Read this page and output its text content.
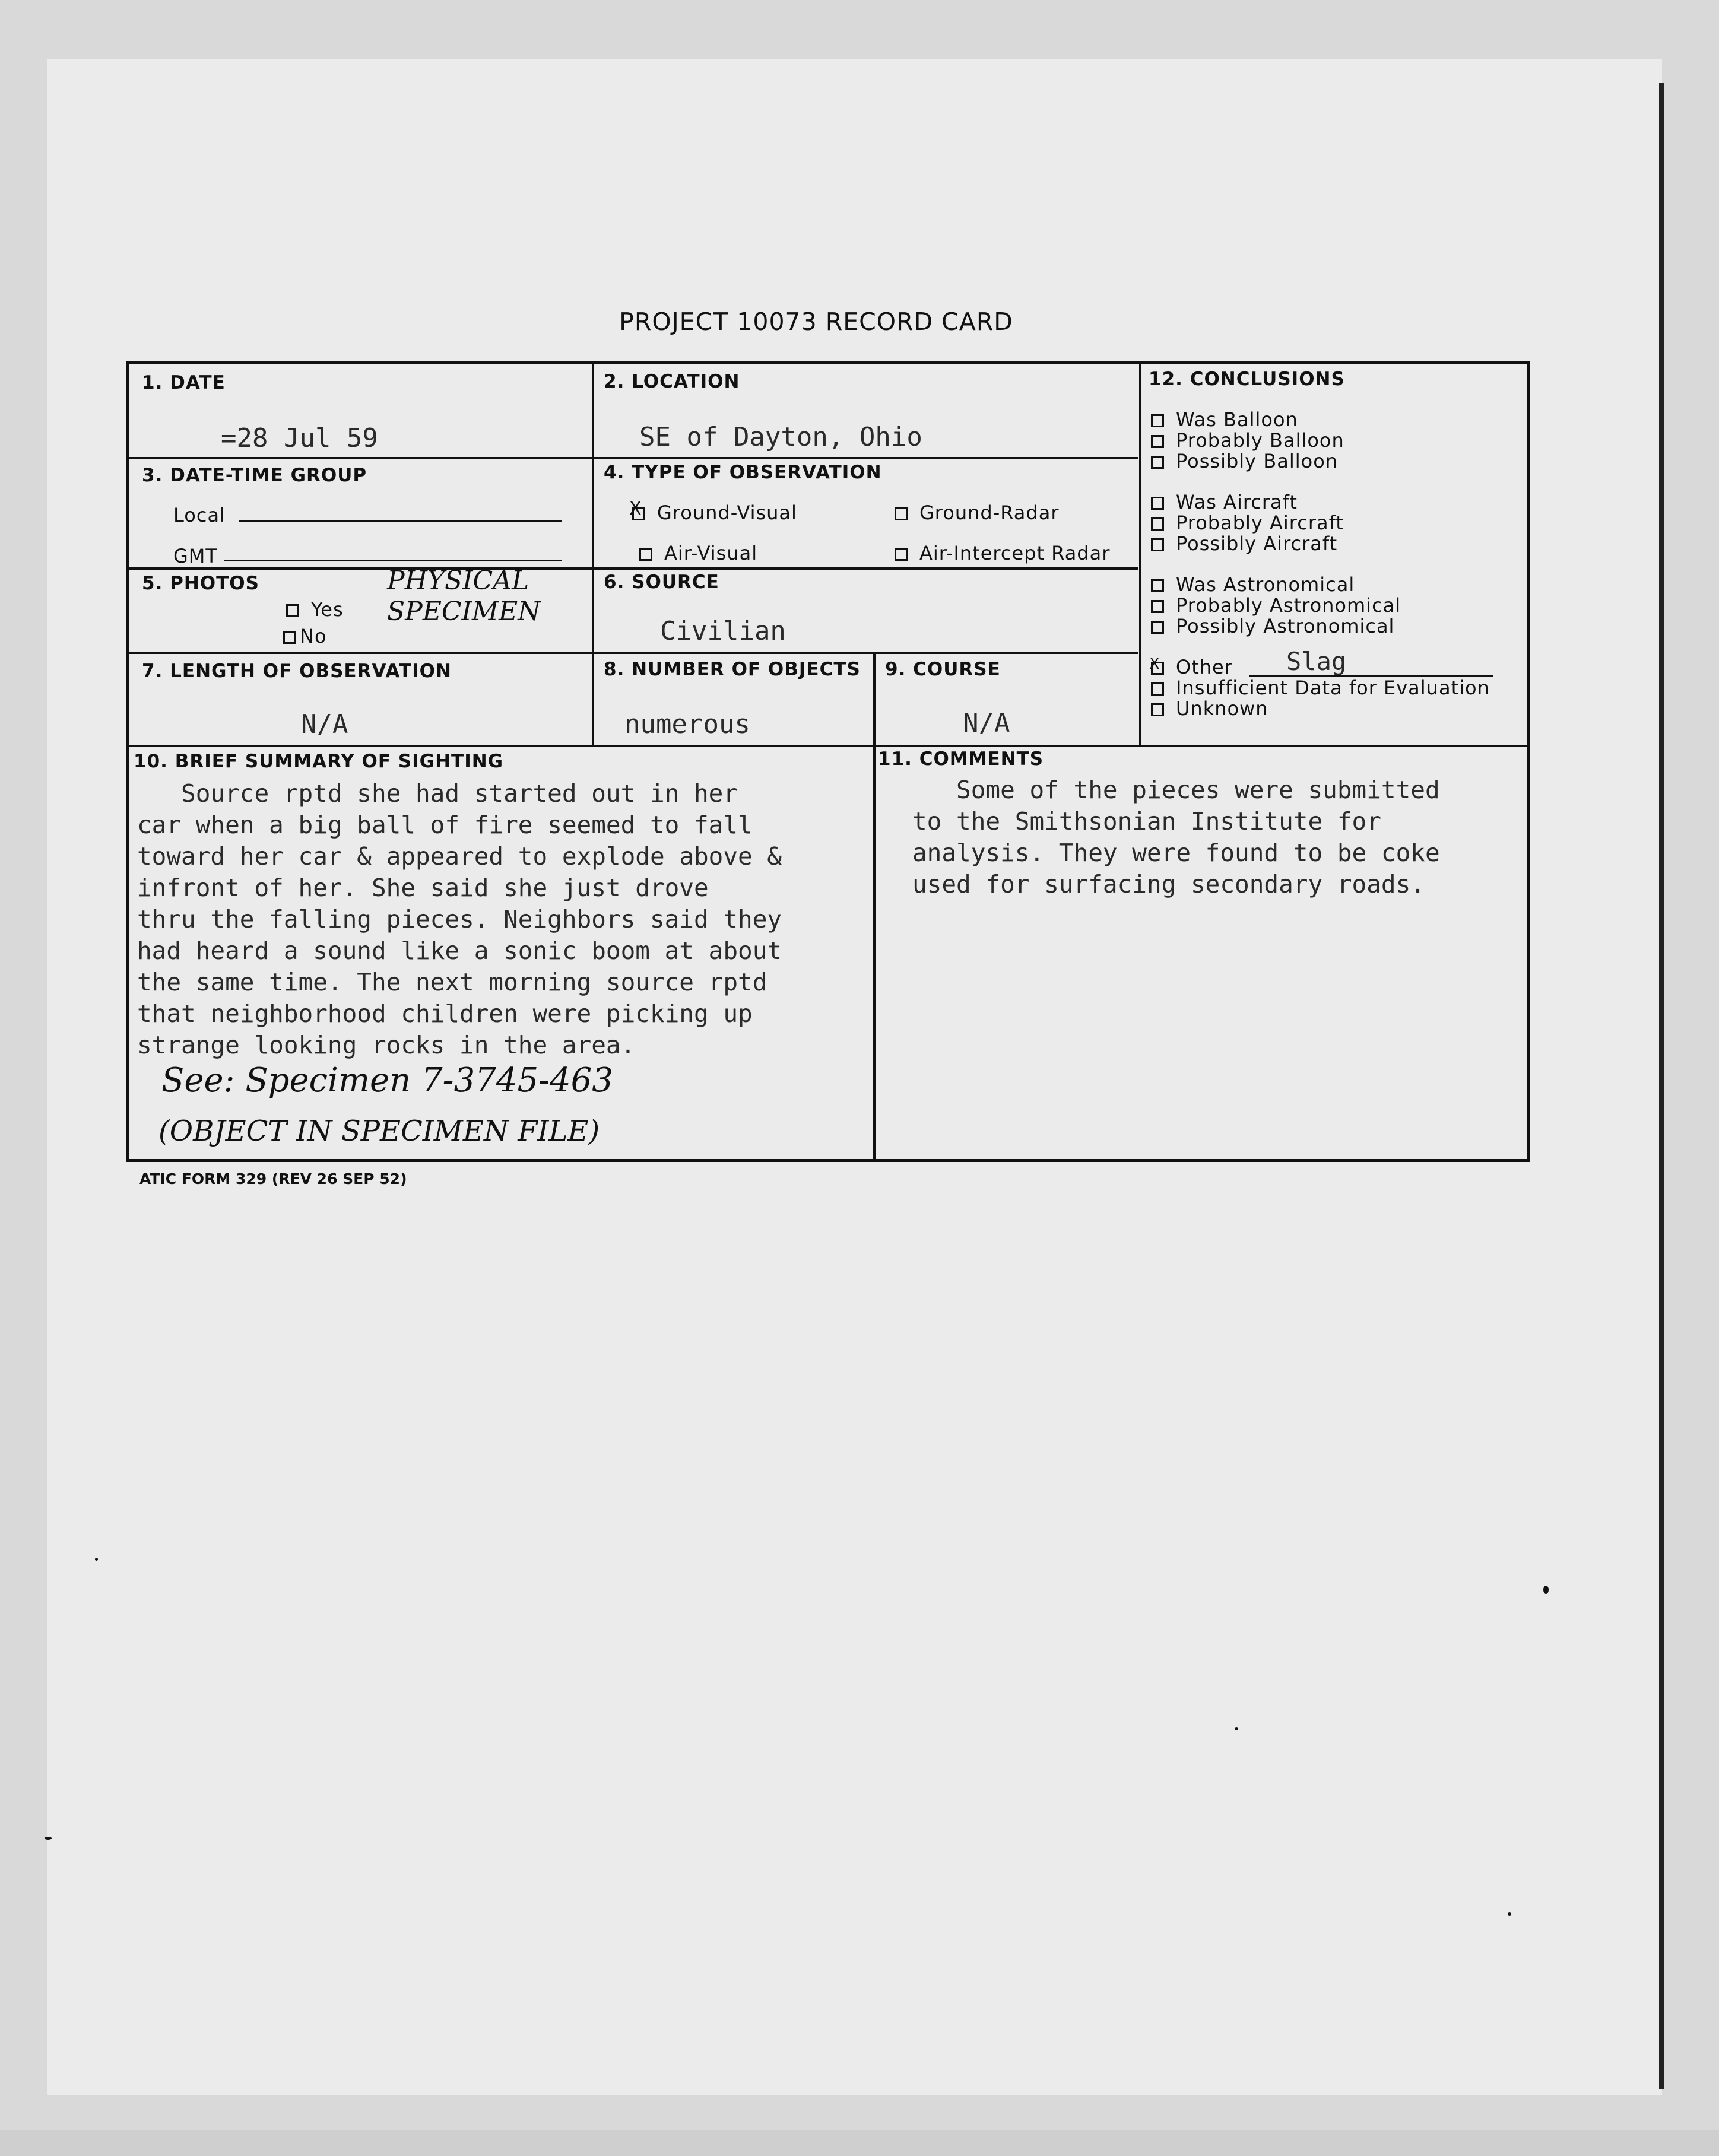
PROJECT 10073 RECORD CARD
1. DATE
=28 Jul 59
2. LOCATION
SE of Dayton, Ohio
3. DATE-TIME GROUP
Local
GMT
4. TYPE OF OBSERVATION
X Ground-Visual	Ground-Radar
Air-Visual	Air-Intercept Radar
5. PHOTOS
Yes
No
PHYSICAL
SPECIMEN
6. SOURCE
Civilian
7. LENGTH OF OBSERVATION
N/A
8. NUMBER OF OBJECTS
numerous
9. COURSE
N/A
12. CONCLUSIONS
Was Balloon
Probably Balloon
Possibly Balloon
Was Aircraft
Probably Aircraft
Possibly Aircraft
Was Astronomical
Probably Astronomical
Possibly Astronomical
X Other Slag
Insufficient Data for Evaluation
Unknown
10. BRIEF SUMMARY OF SIGHTING
Source rptd she had started out in her
car when a big ball of fire seemed to fall
toward her car & appeared to explode above &
infront of her. She said she just drove
thru the falling pieces. Neighbors said they
had heard a sound like a sonic boom at about
the same time. The next morning source rptd
that neighborhood children were picking up
strange looking rocks in the area.
See: Specimen 7-3745-463
(OBJECT IN SPECIMEN FILE)
11. COMMENTS
Some of the pieces were submitted
to the Smithsonian Institute for
analysis. They were found to be coke
used for surfacing secondary roads.
ATIC FORM 329 (REV 26 SEP 52)
